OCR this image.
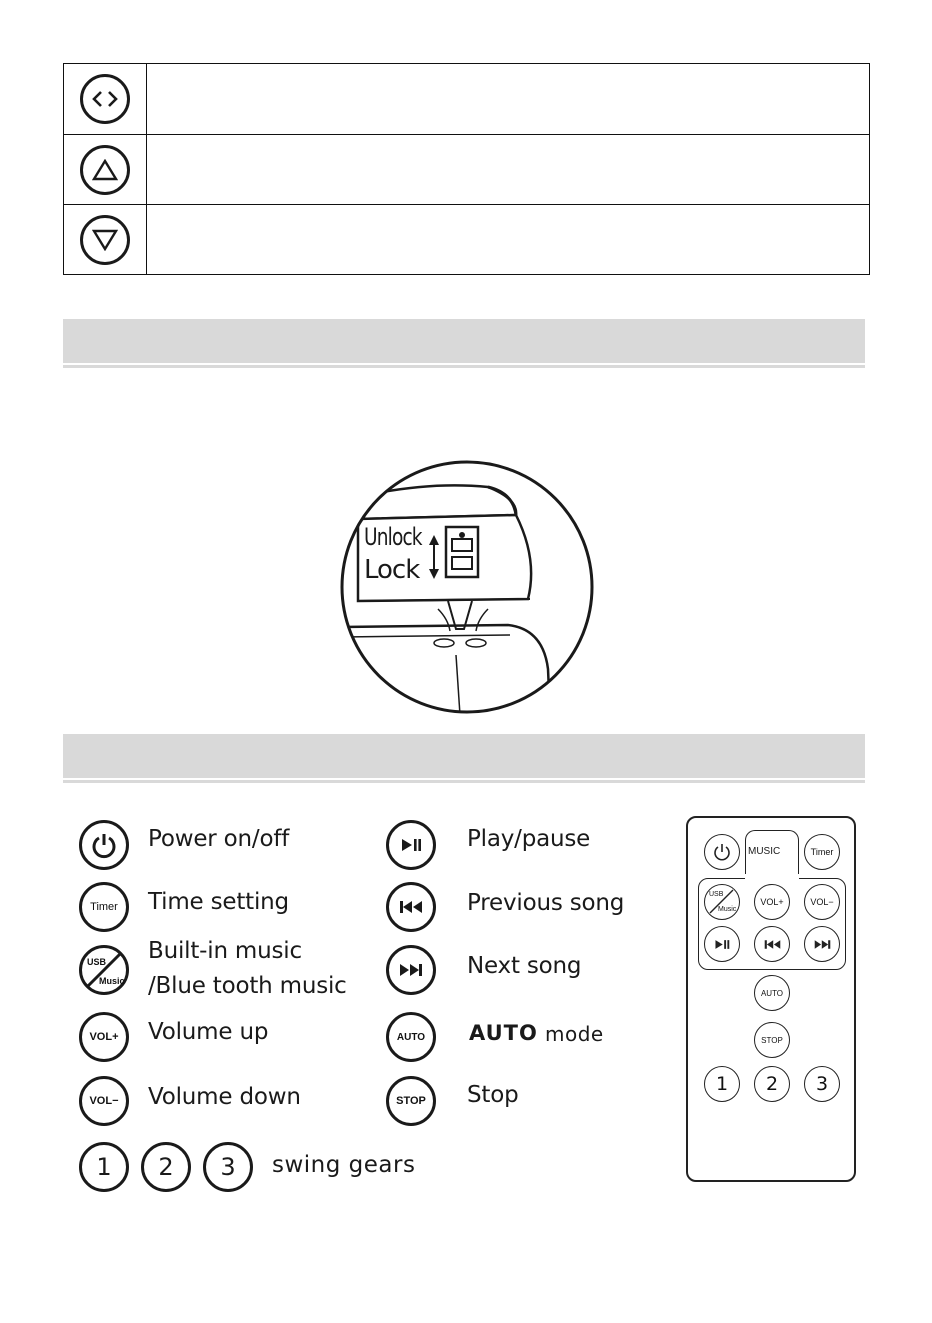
Unlock
Lock
Power on/off
Timer Time setting
USB
Music
Built-in music
/Blue tooth music
VOL+ Volume up
VOL− Volume down
1 2 3 swing gears
Play/pause
Previous song
Next song
AUTO AUTO mode
STOP Stop
MUSIC	Timer
USB
Music
VOL+	VOL−
AUTO
STOP
1 2 3
